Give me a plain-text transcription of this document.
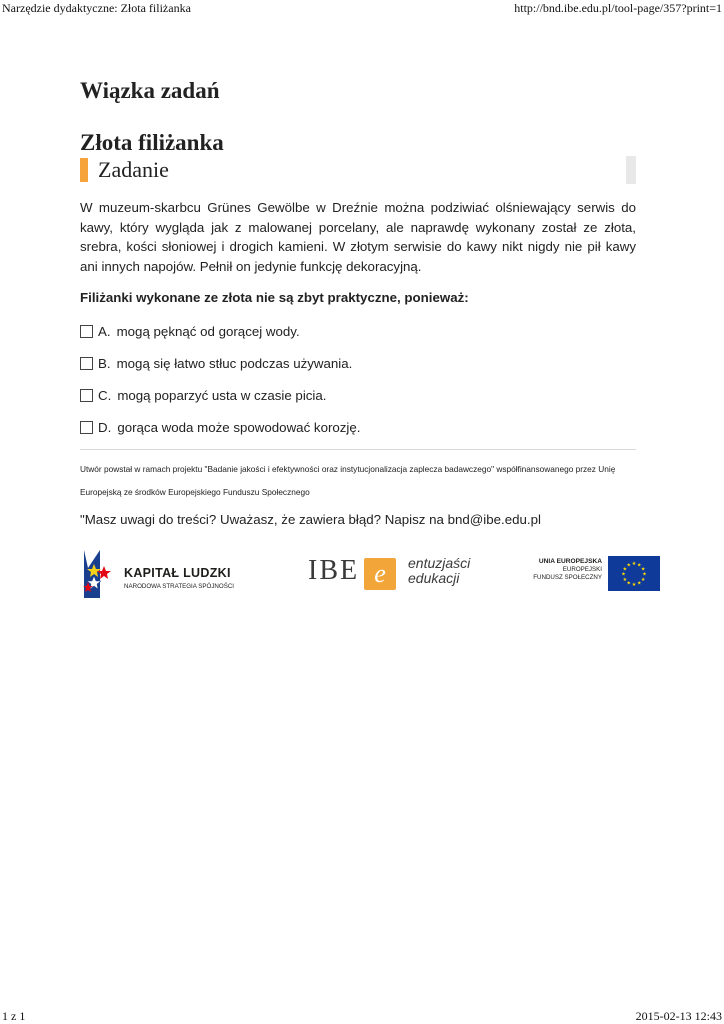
Narzędzie dydaktyczne: Złota filiżanka	http://bnd.ibe.edu.pl/tool-page/357?print=1
Wiązka zadań
Złota filiżanka
Zadanie

W muzeum-skarbcu Grünes Gewölbe w Dreźnie można podziwiać olśniewający serwis do kawy, który wygląda jak z malowanej porcelany, ale naprawdę wykonany został ze złota, srebra, kości słoniowej i drogich kamieni. W złotym serwisie do kawy nikt nigdy nie pił kawy ani innych napojów. Pełnił on jedynie funkcję dekoracyjną.

Filiżanki wykonane ze złota nie są zbyt praktyczne, ponieważ:
A. mogą pęknąć od gorącej wody.
B. mogą się łatwo stłuc podczas używania.
C. mogą poparzyć usta w czasie picia.
D. gorąca woda może spowodować korozję.
Utwór powstał w ramach projektu "Badanie jakości i efektywności oraz instytucjonalizacja zaplecza badawczego" współfinansowanego przez Unię
Europejską ze środków Europejskiego Funduszu Społecznego
"Masz uwagi do treści? Uważasz, że zawiera błąd? Napisz na bnd@ibe.edu.pl
KAPITAŁ LUDZKI
NARODOWA STRATEGIA SPÓJNOŚCI
IBE e	entuzjaści
edukacji
UNIA EUROPEJSKA
EUROPEJSKI
FUNDUSZ SPOŁECZNY	★
★
★
★
★
★
★
★
★ ★ ★
★
1 z 1	2015-02-13 12:43
